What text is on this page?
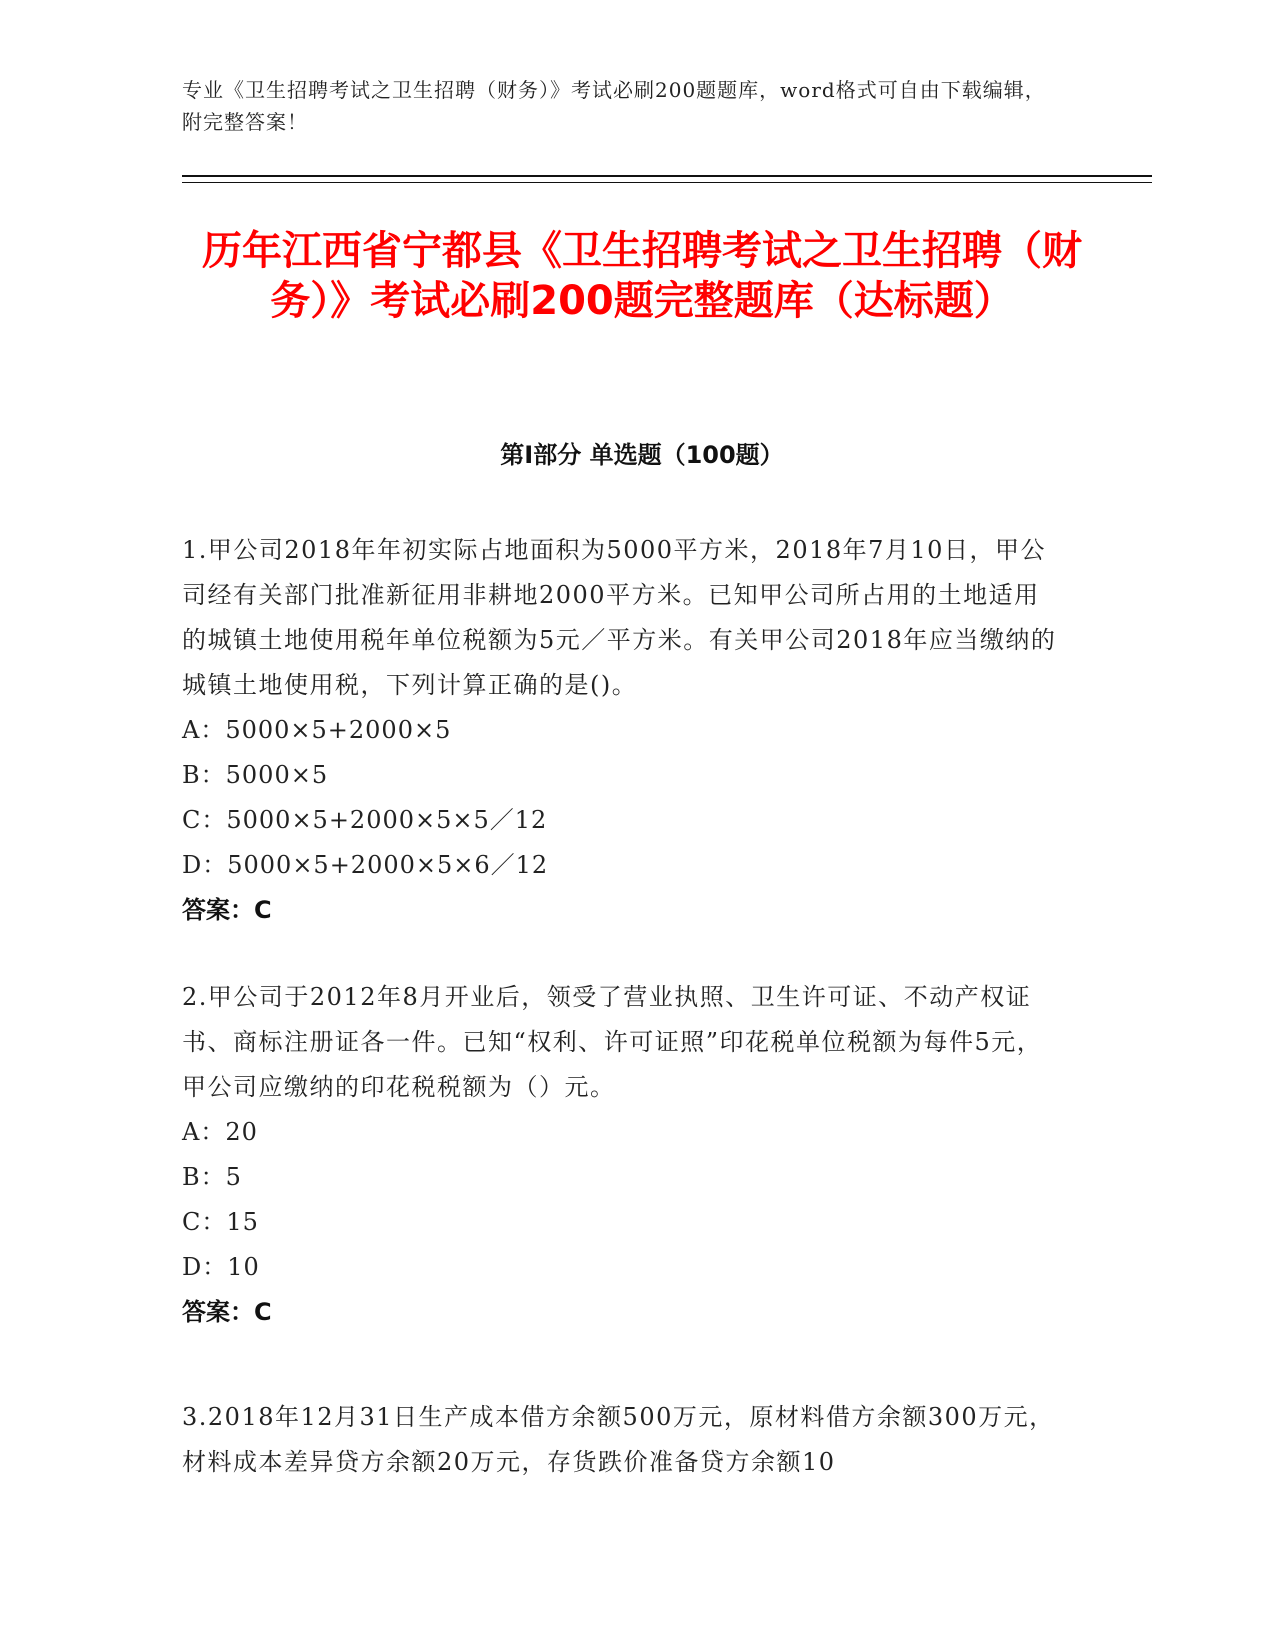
专业《卫生招聘考试之卫生招聘（财务）》考试必刷200题题库，word格式可自由下载编辑，附完整答案！
历年江西省宁都县《卫生招聘考试之卫生招聘（财务）》考试必刷200题完整题库（达标题）
第I部分 单选题（100题）
1.甲公司2018年年初实际占地面积为5000平方米，2018年7月10日，甲公司经有关部门批准新征用非耕地2000平方米。已知甲公司所占用的土地适用的城镇土地使用税年单位税额为5元／平方米。有关甲公司2018年应当缴纳的城镇土地使用税，下列计算正确的是()。
A：5000×5+2000×5
B：5000×5
C：5000×5+2000×5×5／12
D：5000×5+2000×5×6／12
答案：C
2.甲公司于2012年8月开业后，领受了营业执照、卫生许可证、不动产权证书、商标注册证各一件。已知“权利、许可证照”印花税单位税额为每件5元，甲公司应缴纳的印花税税额为（）元。
A：20
B：5
C：15
D：10
答案：C
3.2018年12月31日生产成本借方余额500万元，原材料借方余额300万元，材料成本差异贷方余额20万元，存货跌价准备贷方余额10
